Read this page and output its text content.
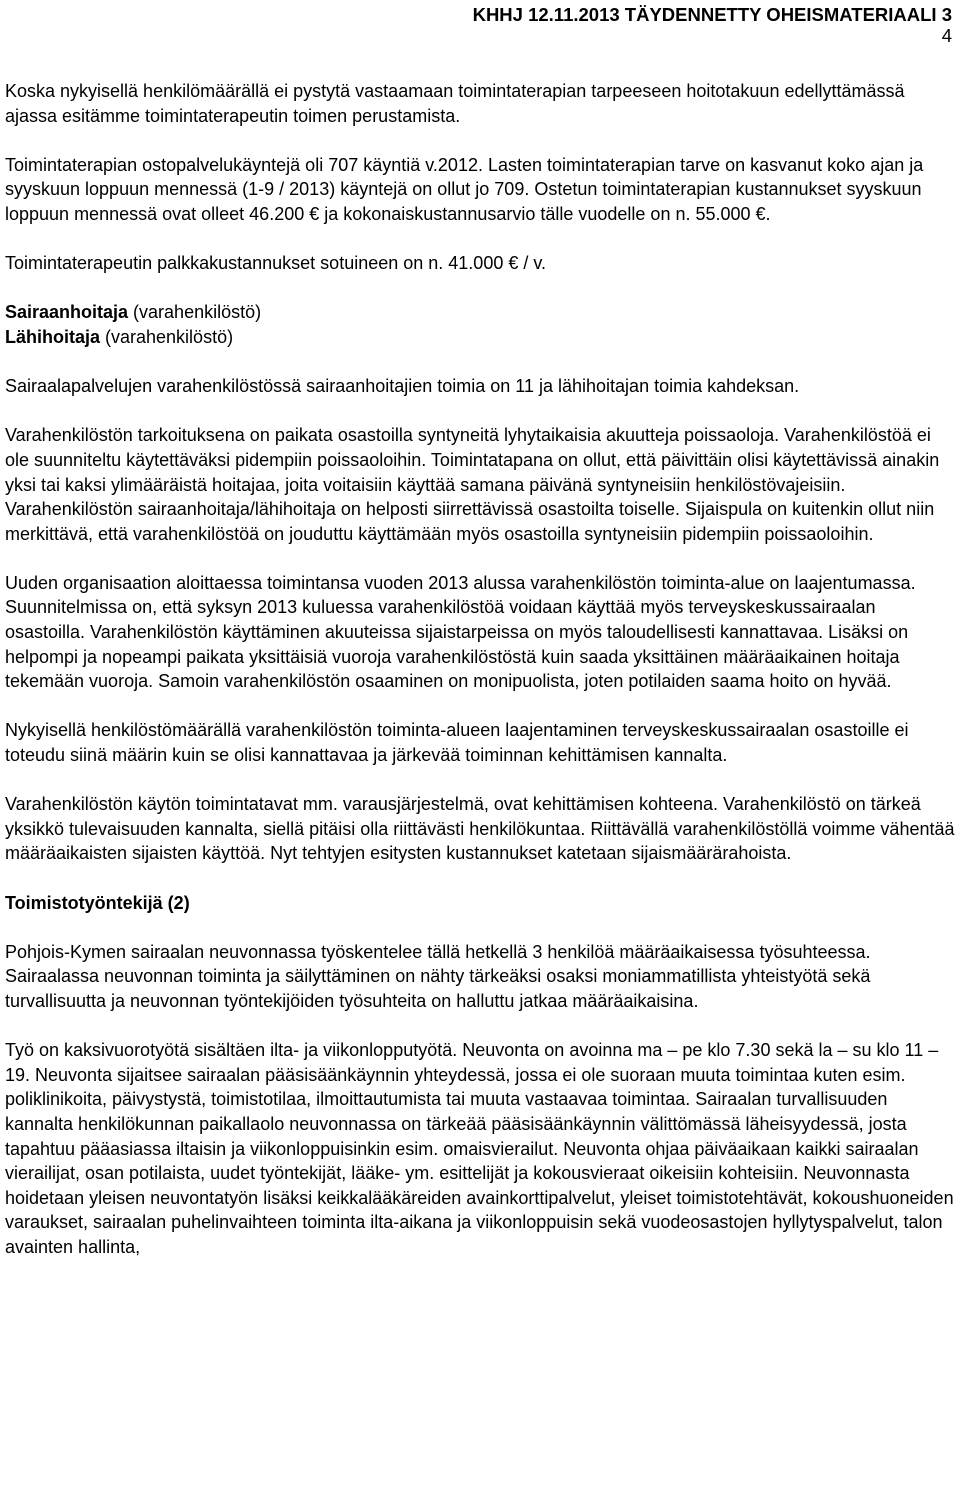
KHHJ 12.11.2013 TÄYDENNETTY OHEISMATERIAALI 3
4

Koska nykyisellä henkilömäärällä ei pystytä vastaamaan toimintaterapian tarpeeseen hoitotakuun edellyttämässä ajassa esitämme toimintaterapeutin toimen perustamista.

Toimintaterapian ostopalvelukäyntejä oli 707 käyntiä v.2012. Lasten toimintaterapian tarve on kasvanut koko ajan ja syyskuun loppuun mennessä (1-9 / 2013) käyntejä on ollut jo 709. Ostetun toimintaterapian kustannukset syyskuun loppuun mennessä ovat olleet 46.200 € ja kokonaiskustannusarvio tälle vuodelle on n. 55.000 €.

Toimintaterapeutin palkkakustannukset sotuineen on n. 41.000 € / v.

Sairaanhoitaja (varahenkilöstö)

Lähihoitaja (varahenkilöstö)

Sairaalapalvelujen varahenkilöstössä sairaanhoitajien toimia on 11 ja lähihoitajan toimia kahdeksan.

Varahenkilöstön tarkoituksena on paikata osastoilla syntyneitä lyhytaikaisia akuutteja poissaoloja. Varahenkilöstöä ei ole suunniteltu käytettäväksi pidempiin poissaoloihin. Toimintatapana on ollut, että päivittäin olisi käytettävissä ainakin yksi tai kaksi ylimääräistä hoitajaa, joita voitaisiin käyttää samana päivänä syntyneisiin henkilöstövajeisiin. Varahenkilöstön sairaanhoitaja/lähihoitaja on helposti siirrettävissä osastoilta toiselle. Sijaispula on kuitenkin ollut niin merkittävä, että varahenkilöstöä on jouduttu käyttämään myös osastoilla syntyneisiin pidempiin poissaoloihin.

Uuden organisaation aloittaessa toimintansa vuoden 2013 alussa varahenkilöstön toiminta-alue on laajentumassa. Suunnitelmissa on, että syksyn 2013 kuluessa varahenkilöstöä voidaan käyttää myös terveyskeskussairaalan osastoilla. Varahenkilöstön käyttäminen akuuteissa sijaistarpeissa on myös taloudellisesti kannattavaa. Lisäksi on helpompi ja nopeampi paikata yksittäisiä vuoroja varahenkilöstöstä kuin saada yksittäinen määräaikainen hoitaja tekemään vuoroja. Samoin varahenkilöstön osaaminen on monipuolista, joten potilaiden saama hoito on hyvää.

Nykyisellä henkilöstömäärällä varahenkilöstön toiminta-alueen laajentaminen terveyskeskussairaalan osastoille ei toteudu siinä määrin kuin se olisi kannattavaa ja järkevää toiminnan kehittämisen kannalta.

Varahenkilöstön käytön toimintatavat mm. varausjärjestelmä, ovat kehittämisen kohteena. Varahenkilöstö on tärkeä yksikkö tulevaisuuden kannalta, siellä pitäisi olla riittävästi henkilökuntaa. Riittävällä varahenkilöstöllä voimme vähentää määräaikaisten sijaisten käyttöä. Nyt tehtyjen esitysten kustannukset katetaan sijaismäärärahoista.

Toimistotyöntekijä (2)

Pohjois-Kymen sairaalan neuvonnassa työskentelee tällä hetkellä 3 henkilöä määräaikaisessa työsuhteessa. Sairaalassa neuvonnan toiminta ja säilyttäminen on nähty tärkeäksi osaksi moniammatillista yhteistyötä sekä turvallisuutta ja neuvonnan työntekijöiden työsuhteita on halluttu jatkaa määräaikaisina.

Työ on kaksivuorotyötä sisältäen ilta- ja viikonlopputyötä. Neuvonta on avoinna ma – pe klo 7.30 sekä la – su klo 11 – 19. Neuvonta sijaitsee sairaalan pääsisäänkäynnin yhteydessä, jossa ei ole suoraan muuta toimintaa kuten esim. poliklinikoita, päivystystä, toimistotilaa, ilmoittautumista tai muuta vastaavaa toimintaa. Sairaalan turvallisuuden kannalta henkilökunnan paikallaolo neuvonnassa on tärkeää pääsisäänkäynnin välittömässä läheisyydessä, josta tapahtuu pääasiassa iltaisin ja viikonloppuisinkin esim. omaisvierailut. Neuvonta ohjaa päiväaikaan kaikki sairaalan vierailijat, osan potilaista, uudet työntekijät, lääke- ym. esittelijät ja kokousvieraat oikeisiin kohteisiin. Neuvonnasta hoidetaan yleisen neuvontatyön lisäksi keikkalääkäreiden avainkorttipalvelut, yleiset toimistotehtävät, kokoushuoneiden varaukset, sairaalan puhelinvaihteen toiminta ilta-aikana ja viikonloppuisin sekä vuodeosastojen hyllytyspalvelut, talon avainten hallinta,
